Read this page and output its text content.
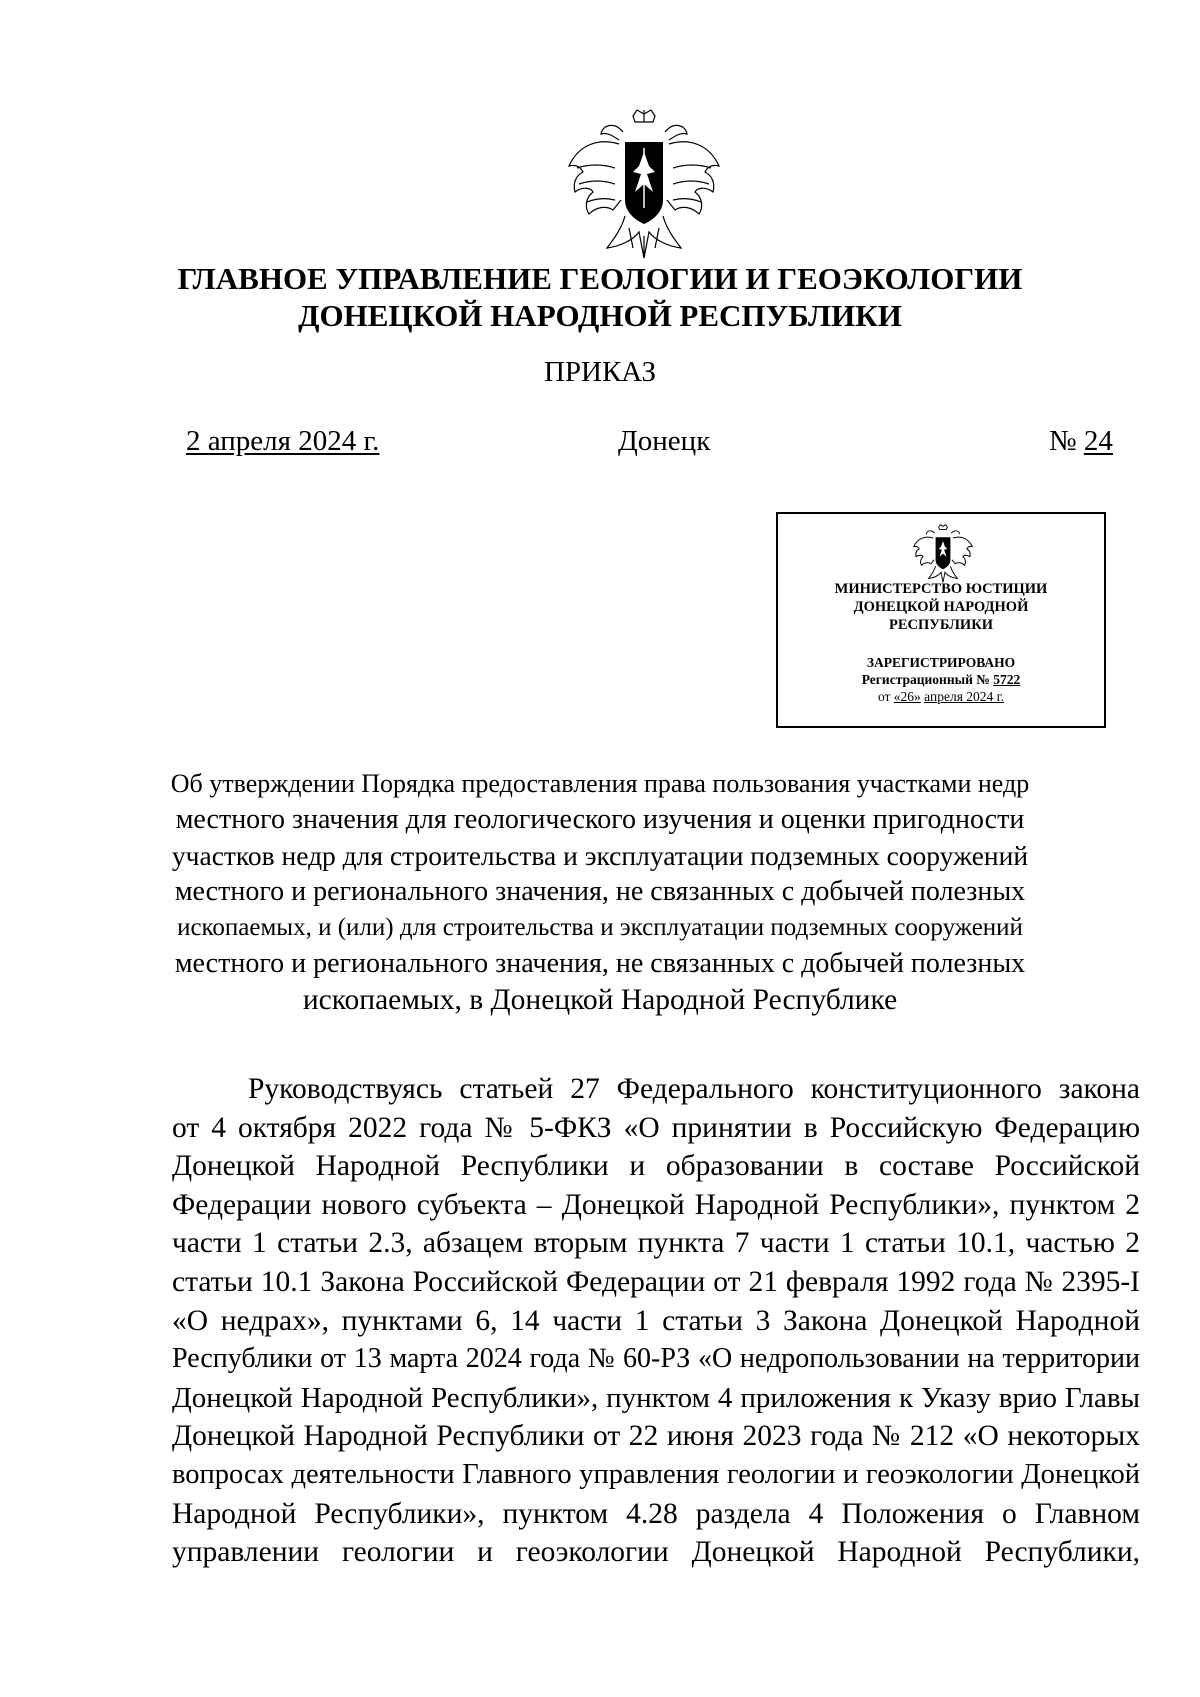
ГЛАВНОЕ УПРАВЛЕНИЕ ГЕОЛОГИИ И ГЕОЭКОЛОГИИ
ДОНЕЦКОЙ НАРОДНОЙ РЕСПУБЛИКИ
ПРИКАЗ
2 апреля 2024 г.	Донецк	№ 24
МИНИСТЕРСТВО ЮСТИЦИИ
ДОНЕЦКОЙ НАРОДНОЙ
РЕСПУБЛИКИ
ЗАРЕГИСТРИРОВАНО
Регистрационный № 5722
от «26» апреля 2024 г.
Об утверждении Порядка предоставления права пользования участками недр
местного значения для геологического изучения и оценки пригодности
участков недр для строительства и эксплуатации подземных сооружений
местного и регионального значения, не связанных с добычей полезных
ископаемых, и (или) для строительства и эксплуатации подземных сооружений
местного и регионального значения, не связанных с добычей полезных
ископаемых, в Донецкой Народной Республике
Руководствуясь статьей 27 Федерального конституционного закона
от 4 октября 2022 года № 5-ФКЗ «О принятии в Российскую Федерацию
Донецкой Народной Республики и образовании в составе Российской
Федерации нового субъекта – Донецкой Народной Республики», пунктом 2
части 1 статьи 2.3, абзацем вторым пункта 7 части 1 статьи 10.1, частью 2
статьи 10.1 Закона Российской Федерации от 21 февраля 1992 года № 2395-I
«О недрах», пунктами 6, 14 части 1 статьи 3 Закона Донецкой Народной
Республики от 13 марта 2024 года № 60-РЗ «О недропользовании на территории
Донецкой Народной Республики», пунктом 4 приложения к Указу врио Главы
Донецкой Народной Республики от 22 июня 2023 года № 212 «О некоторых
вопросах деятельности Главного управления геологии и геоэкологии Донецкой
Народной Республики», пунктом 4.28 раздела 4 Положения о Главном
управлении геологии и геоэкологии Донецкой Народной Республики,
